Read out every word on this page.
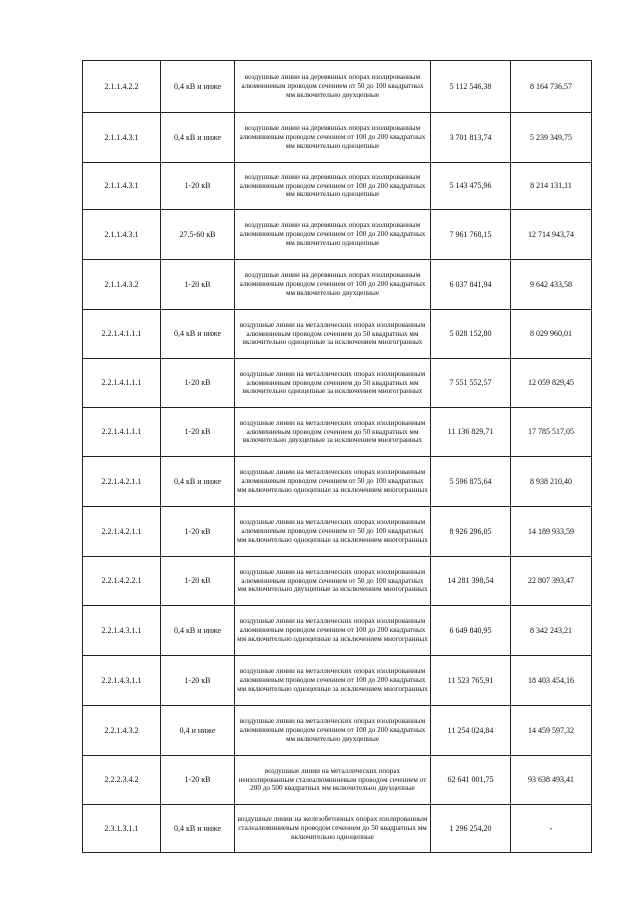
2.1.1.4.2.2	0,4 кВ и ниже	воздушные линии на деревянных опорах изолированным алюминиевым проводом сечением от 50 до 100 квадратных мм включительно двухцепные	5 112 546,38	8 164 736,57
2.1.1.4.3.1	0,4 кВ и ниже	воздушные линии на деревянных опорах изолированным алюминиевым проводом сечением от 100 до 200 квадратных мм включительно одноцепные	3 701 813,74	5 239 349,75
2.1.1.4.3.1	1-20 кВ	воздушные линии на деревянных опорах изолированным алюминиевым проводом сечением от 100 до 200 квадратных мм включительно одноцепные	5 143 475,96	8 214 131,11
2.1.1.4.3.1	27.5-60 кВ	воздушные линии на деревянных опорах изолированным алюминиевым проводом сечением от 100 до 200 квадратных мм включительно одноцепные	7 961 768,15	12 714 943,74
2.1.1.4.3.2	1-20 кВ	воздушные линии на деревянных опорах изолированным алюминиевым проводом сечением от 100 до 200 квадратных мм включительно двухцепные	6 037 841,94	9 642 433,58
2.2.1.4.1.1.1	0,4 кВ и ниже	воздушные линии на металлических опорах изолированным алюминиевым проводом сечением до 50 квадратных мм включительно одноцепные за исключением многогранных	5 028 152,80	8 029 960,01
2.2.1.4.1.1.1	1-20 кВ	воздушные линии на металлических опорах изолированным алюминиевым проводом сечением до 50 квадратных мм включительно одноцепные за исключением многогранных	7 551 552,57	12 059 829,45
2.2.1.4.1.1.1	1-20 кВ	воздушные линии на металлических опорах изолированным алюминиевым проводом сечением до 50 квадратных мм включительно двухцепные за исключением многогранных	11 136 829,71	17 785 517,05
2.2.1.4.2.1.1	0,4 кВ и ниже	воздушные линии на металлических опорах изолированным алюминиевым проводом сечением от 50 до 100 квадратных мм включительно одноцепные за исключением многогранных	5 596 875,64	8 938 210,40
2.2.1.4.2.1.1	1-20 кВ	воздушные линии на металлических опорах изолированным алюминиевым проводом сечением от 50 до 100 квадратных мм включительно одноцепные за исключением многогранных	8 926 296,05	14 189 933,59
2.2.1.4.2.2.1	1-20 кВ	воздушные линии на металлических опорах изолированным алюминиевым проводом сечением от 50 до 100 квадратных мм включительно двухцепные за исключением многогранных	14 281 398,54	22 807 393,47
2.2.1.4.3.1.1	0,4 кВ и ниже	воздушные линии на металлических опорах изолированным алюминиевым проводом сечением от 100 до 200 квадратных мм включительно одноцепные за исключением многогранных	6 649 840,95	8 342 243,21
2.2.1.4.3.1.1	1-20 кВ	воздушные линии на металлических опорах изолированным алюминиевым проводом сечением от 100 до 200 квадратных мм включительно одноцепные за исключением многогранных	11 523 765,91	18 403 454,16
2.2.1.4.3.2	0,4 и ниже	воздушные линии на металлических опорах изолированным алюминиевым проводом сечением от 100 до 200 квадратных мм включительно двухцепные	11 254 024,84	14 459 597,32
2.2.2.3.4.2	1-20 кВ	воздушные линии на металлических опорах неизолированным сталеалюминиевым проводом сечением от 200 до 500 квадратных мм включительно двухцепные	62 641 001,75	93 638 493,41
2.3.1.3.1.1	0,4 кВ и ниже	воздушные линии на железобетонных опорах изолированным сталеалюминиевым проводом сечением до 50 квадратных мм включительно одноцепные	1 296 254,20	-
